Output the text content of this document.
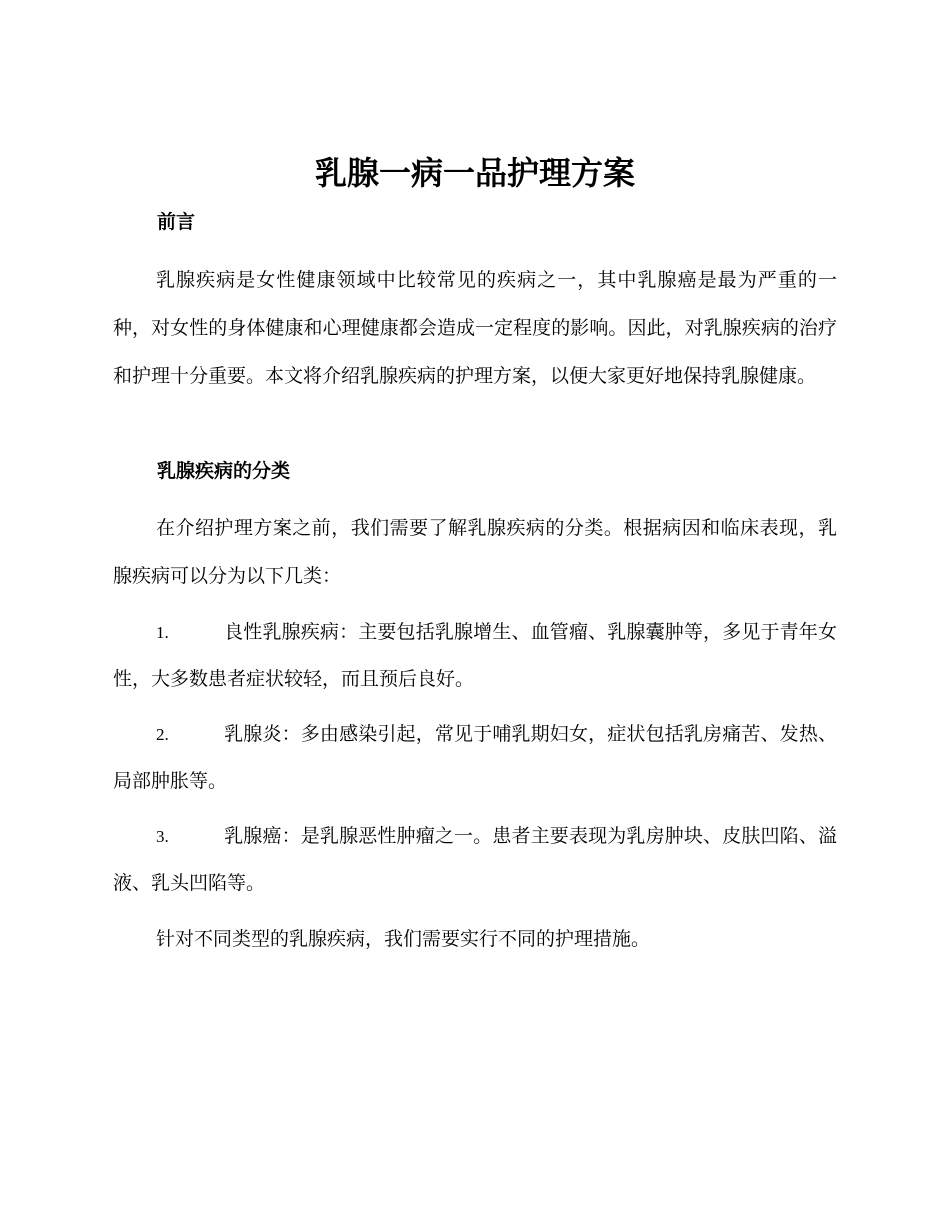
乳腺一病一品护理方案
前言

乳腺疾病是女性健康领域中比较常见的疾病之一，其中乳腺癌是最为严重的一种，对女性的身体健康和心理健康都会造成一定程度的影响。因此，对乳腺疾病的治疗和护理十分重要。本文将介绍乳腺疾病的护理方案，以便大家更好地保持乳腺健康。

乳腺疾病的分类

在介绍护理方案之前，我们需要了解乳腺疾病的分类。根据病因和临床表现，乳腺疾病可以分为以下几类：

1.	良性乳腺疾病：主要包括乳腺增生、血管瘤、乳腺囊肿等，多见于青年女性，大多数患者症状较轻，而且预后良好。

2.	乳腺炎：多由感染引起，常见于哺乳期妇女，症状包括乳房痛苦、发热、局部肿胀等。

3.	乳腺癌：是乳腺恶性肿瘤之一。患者主要表现为乳房肿块、皮肤凹陷、溢液、乳头凹陷等。

针对不同类型的乳腺疾病，我们需要实行不同的护理措施。
